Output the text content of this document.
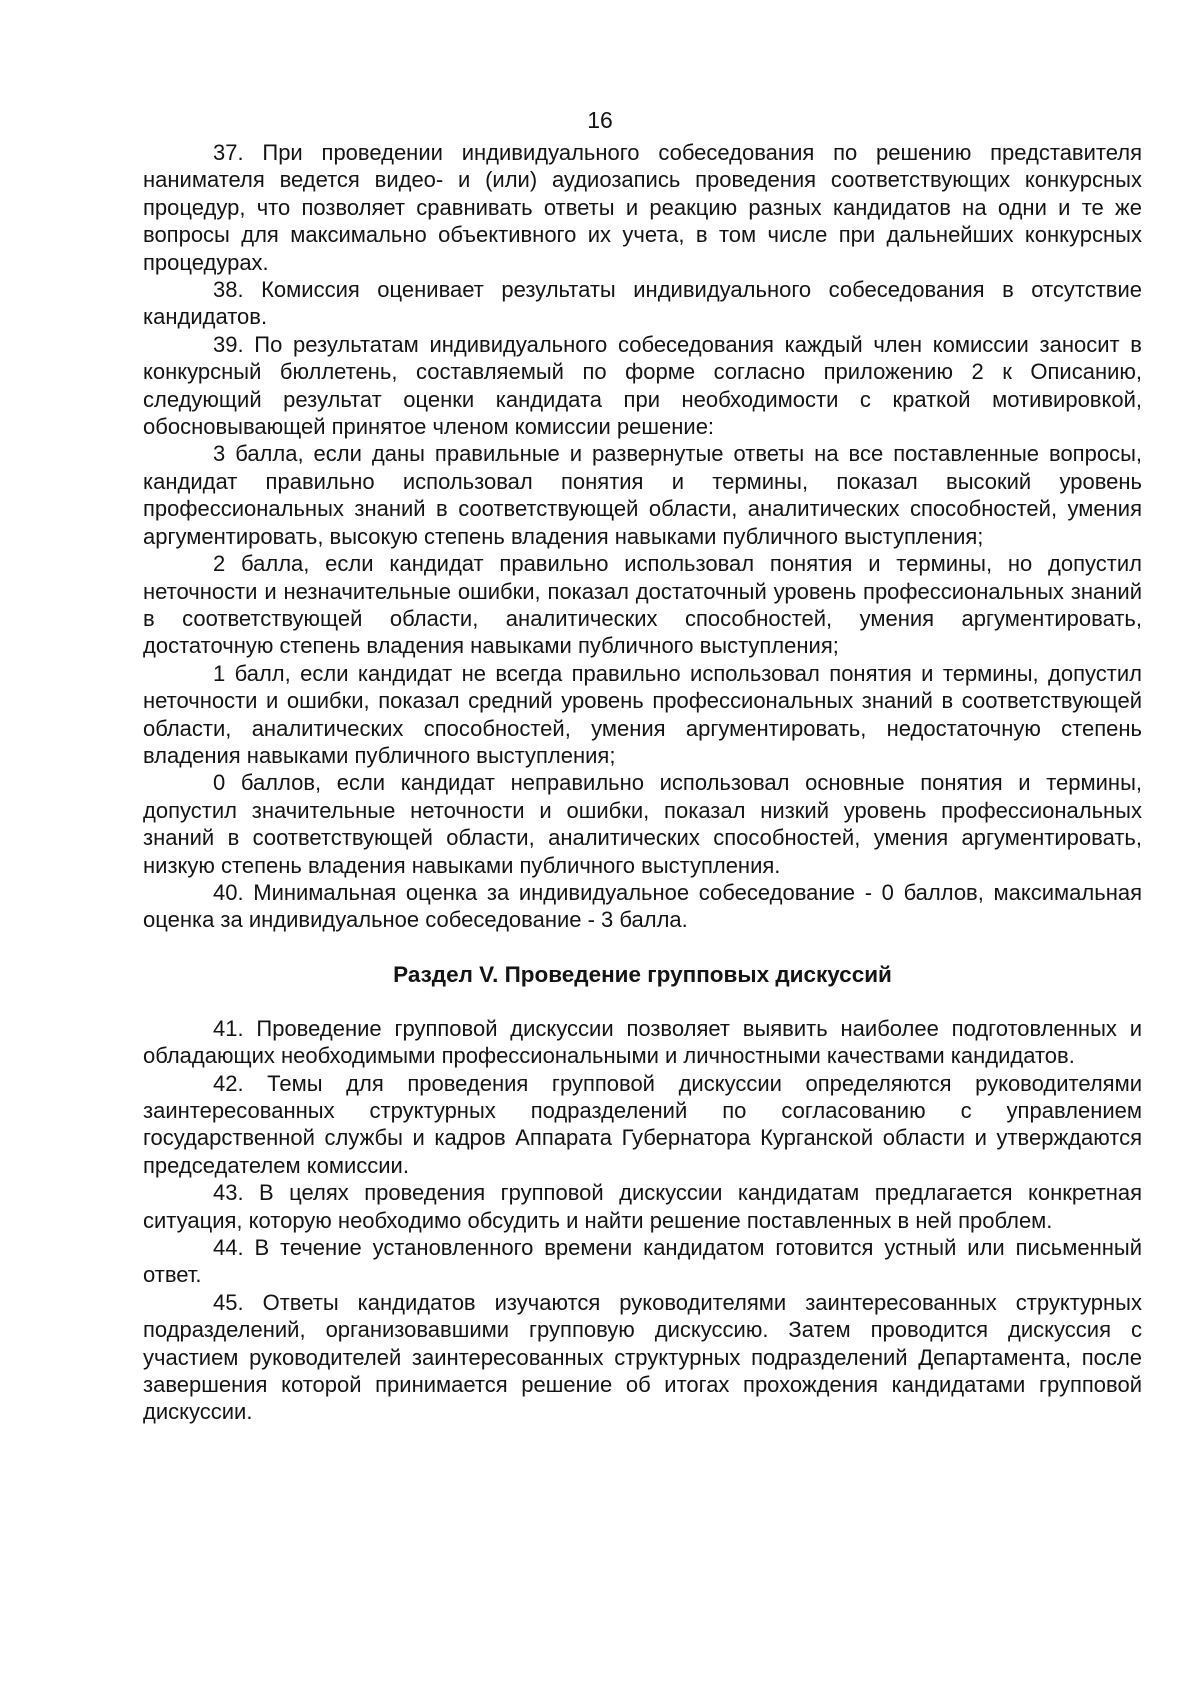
16

37. При проведении индивидуального собеседования по решению представителя нанимателя ведется видео- и (или) аудиозапись проведения соответствующих конкурсных процедур, что позволяет сравнивать ответы и реакцию разных кандидатов на одни и те же вопросы для максимально объективного их учета, в том числе при дальнейших конкурсных процедурах.

38. Комиссия оценивает результаты индивидуального собеседования в отсутствие кандидатов.

39. По результатам индивидуального собеседования каждый член комиссии заносит в конкурсный бюллетень, составляемый по форме согласно приложению 2 к Описанию, следующий результат оценки кандидата при необходимости с краткой мотивировкой, обосновывающей принятое членом комиссии решение:

3 балла, если даны правильные и развернутые ответы на все поставленные вопросы, кандидат правильно использовал понятия и термины, показал высокий уровень профессиональных знаний в соответствующей области, аналитических способностей, умения аргументировать, высокую степень владения навыками публичного выступления;

2 балла, если кандидат правильно использовал понятия и термины, но допустил неточности и незначительные ошибки, показал достаточный уровень профессиональных знаний в соответствующей области, аналитических способностей, умения аргументировать, достаточную степень владения навыками публичного выступления;

1 балл, если кандидат не всегда правильно использовал понятия и термины, допустил неточности и ошибки, показал средний уровень профессиональных знаний в соответствующей области, аналитических способностей, умения аргументировать, недостаточную степень владения навыками публичного выступления;

0 баллов, если кандидат неправильно использовал основные понятия и термины, допустил значительные неточности и ошибки, показал низкий уровень профессиональных знаний в соответствующей области, аналитических способностей, умения аргументировать, низкую степень владения навыками публичного выступления.

40. Минимальная оценка за индивидуальное собеседование - 0 баллов, максимальная оценка за индивидуальное собеседование - 3 балла.

Раздел V. Проведение групповых дискуссий

41. Проведение групповой дискуссии позволяет выявить наиболее подготовленных и обладающих необходимыми профессиональными и личностными качествами кандидатов.

42. Темы для проведения групповой дискуссии определяются руководителями заинтересованных структурных подразделений по согласованию с управлением государственной службы и кадров Аппарата Губернатора Курганской области и утверждаются председателем комиссии.

43. В целях проведения групповой дискуссии кандидатам предлагается конкретная ситуация, которую необходимо обсудить и найти решение поставленных в ней проблем.

44. В течение установленного времени кандидатом готовится устный или письменный ответ.

45. Ответы кандидатов изучаются руководителями заинтересованных структурных подразделений, организовавшими групповую дискуссию. Затем проводится дискуссия с участием руководителей заинтересованных структурных подразделений Департамента, после завершения которой принимается решение об итогах прохождения кандидатами групповой дискуссии.
